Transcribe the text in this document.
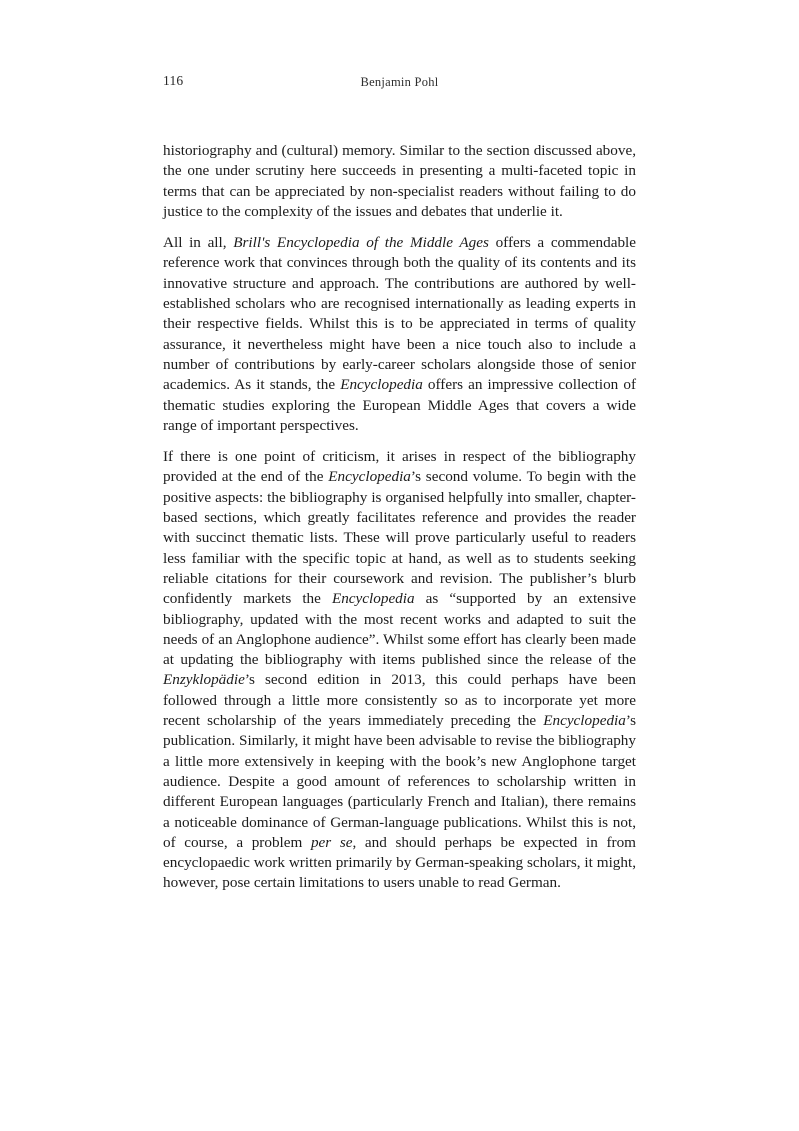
116	Benjamin Pohl

historiography and (cultural) memory. Similar to the section discussed above, the one under scrutiny here succeeds in presenting a multi-faceted topic in terms that can be appreciated by non-specialist readers without failing to do justice to the complexity of the issues and debates that underlie it.

All in all, Brill's Encyclopedia of the Middle Ages offers a commendable reference work that convinces through both the quality of its contents and its innovative structure and approach. The contributions are authored by well-established scholars who are recognised internationally as leading experts in their respective fields. Whilst this is to be appreciated in terms of quality assurance, it nevertheless might have been a nice touch also to include a number of contributions by early-career scholars alongside those of senior academics. As it stands, the Encyclopedia offers an impressive collection of thematic studies exploring the European Middle Ages that covers a wide range of important perspectives.

If there is one point of criticism, it arises in respect of the bibliography provided at the end of the Encyclopedia’s second volume. To begin with the positive aspects: the bibliography is organised helpfully into smaller, chapter-based sections, which greatly facilitates reference and provides the reader with succinct thematic lists. These will prove particularly useful to readers less familiar with the specific topic at hand, as well as to students seeking reliable citations for their coursework and revision. The publisher’s blurb confidently markets the Encyclopedia as “supported by an extensive bibliography, updated with the most recent works and adapted to suit the needs of an Anglophone audience”. Whilst some effort has clearly been made at updating the bibliography with items published since the release of the Enzyklopädie’s second edition in 2013, this could perhaps have been followed through a little more consistently so as to incorporate yet more recent scholarship of the years immediately preceding the Encyclopedia’s publication. Similarly, it might have been advisable to revise the bibliography a little more extensively in keeping with the book’s new Anglophone target audience. Despite a good amount of references to scholarship written in different European languages (particularly French and Italian), there remains a noticeable dominance of German-language publications. Whilst this is not, of course, a problem per se, and should perhaps be expected in from encyclopaedic work written primarily by German-speaking scholars, it might, however, pose certain limitations to users unable to read German.
